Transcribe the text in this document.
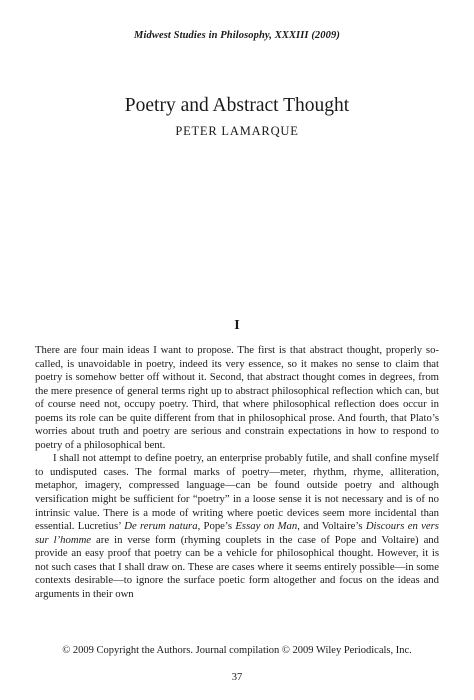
Midwest Studies in Philosophy, XXXIII (2009)
Poetry and Abstract Thought
PETER LAMARQUE
I

There are four main ideas I want to propose. The first is that abstract thought, properly so-called, is unavoidable in poetry, indeed its very essence, so it makes no sense to claim that poetry is somehow better off without it. Second, that abstract thought comes in degrees, from the mere presence of general terms right up to abstract philosophical reflection which can, but of course need not, occupy poetry. Third, that where philosophical reflection does occur in poems its role can be quite different from that in philosophical prose. And fourth, that Plato’s worries about truth and poetry are serious and constrain expectations in how to respond to poetry of a philosophical bent.

I shall not attempt to define poetry, an enterprise probably futile, and shall confine myself to undisputed cases. The formal marks of poetry—meter, rhythm, rhyme, alliteration, metaphor, imagery, compressed language—can be found outside poetry and although versification might be sufficient for “poetry” in a loose sense it is not necessary and is of no intrinsic value. There is a mode of writing where poetic devices seem more incidental than essential. Lucretius’ De rerum natura, Pope’s Essay on Man, and Voltaire’s Discours en vers sur l’homme are in verse form (rhyming couplets in the case of Pope and Voltaire) and provide an easy proof that poetry can be a vehicle for philosophical thought. However, it is not such cases that I shall draw on. These are cases where it seems entirely possible—in some contexts desirable—to ignore the surface poetic form altogether and focus on the ideas and arguments in their own

© 2009 Copyright the Authors. Journal compilation © 2009 Wiley Periodicals, Inc.
37
